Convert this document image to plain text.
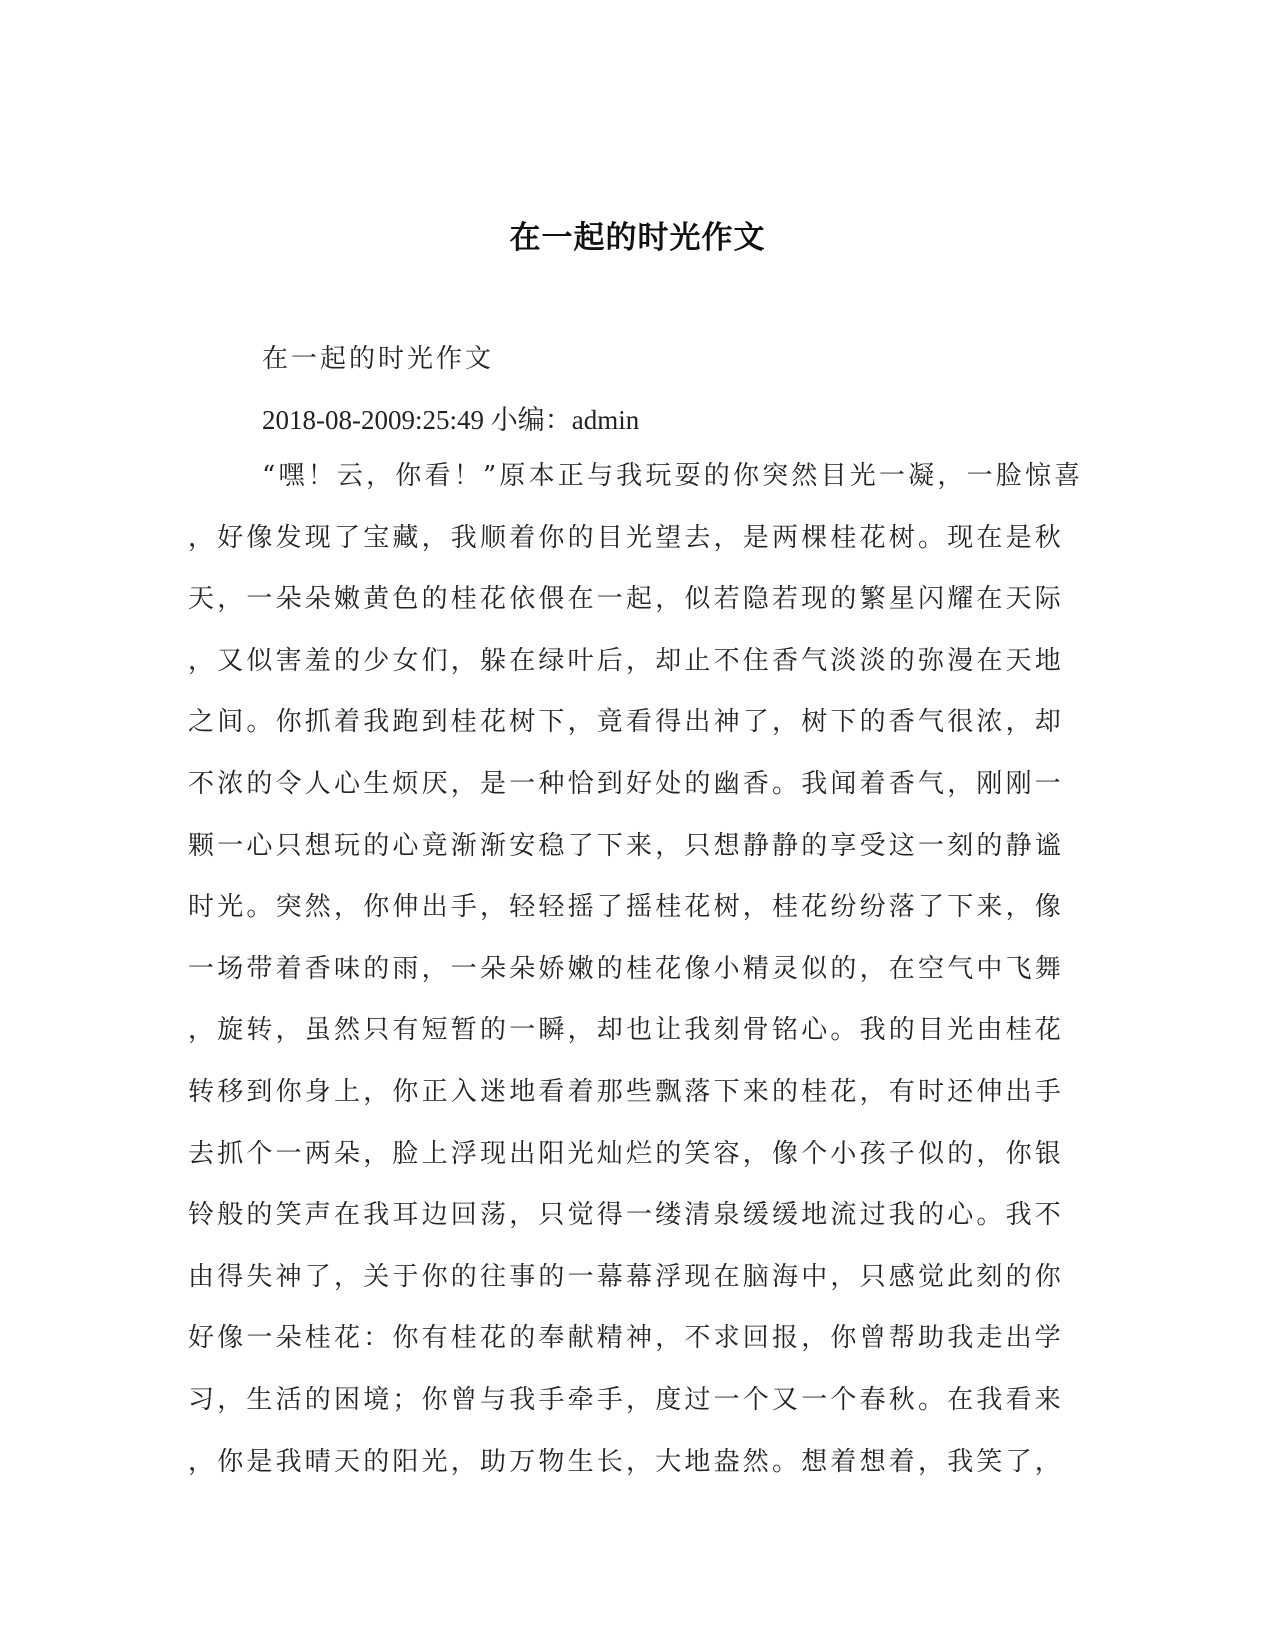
在一起的时光作文
在一起的时光作文
2018-08-2009:25:49 小编：admin
“嘿！云，你看！”原本正与我玩耍的你突然目光一凝，一脸惊喜
，好像发现了宝藏，我顺着你的目光望去，是两棵桂花树。现在是秋
天，一朵朵嫩黄色的桂花依偎在一起，似若隐若现的繁星闪耀在天际
，又似害羞的少女们，躲在绿叶后，却止不住香气淡淡的弥漫在天地
之间。你抓着我跑到桂花树下，竟看得出神了，树下的香气很浓，却
不浓的令人心生烦厌，是一种恰到好处的幽香。我闻着香气，刚刚一
颗一心只想玩的心竟渐渐安稳了下来，只想静静的享受这一刻的静谧
时光。突然，你伸出手，轻轻摇了摇桂花树，桂花纷纷落了下来，像
一场带着香味的雨，一朵朵娇嫩的桂花像小精灵似的，在空气中飞舞
，旋转，虽然只有短暂的一瞬，却也让我刻骨铭心。我的目光由桂花
转移到你身上，你正入迷地看着那些飘落下来的桂花，有时还伸出手
去抓个一两朵，脸上浮现出阳光灿烂的笑容，像个小孩子似的，你银
铃般的笑声在我耳边回荡，只觉得一缕清泉缓缓地流过我的心。我不
由得失神了，关于你的往事的一幕幕浮现在脑海中，只感觉此刻的你
好像一朵桂花：你有桂花的奉献精神，不求回报，你曾帮助我走出学
习，生活的困境；你曾与我手牵手，度过一个又一个春秋。在我看来
，你是我晴天的阳光，助万物生长，大地盎然。想着想着，我笑了，
